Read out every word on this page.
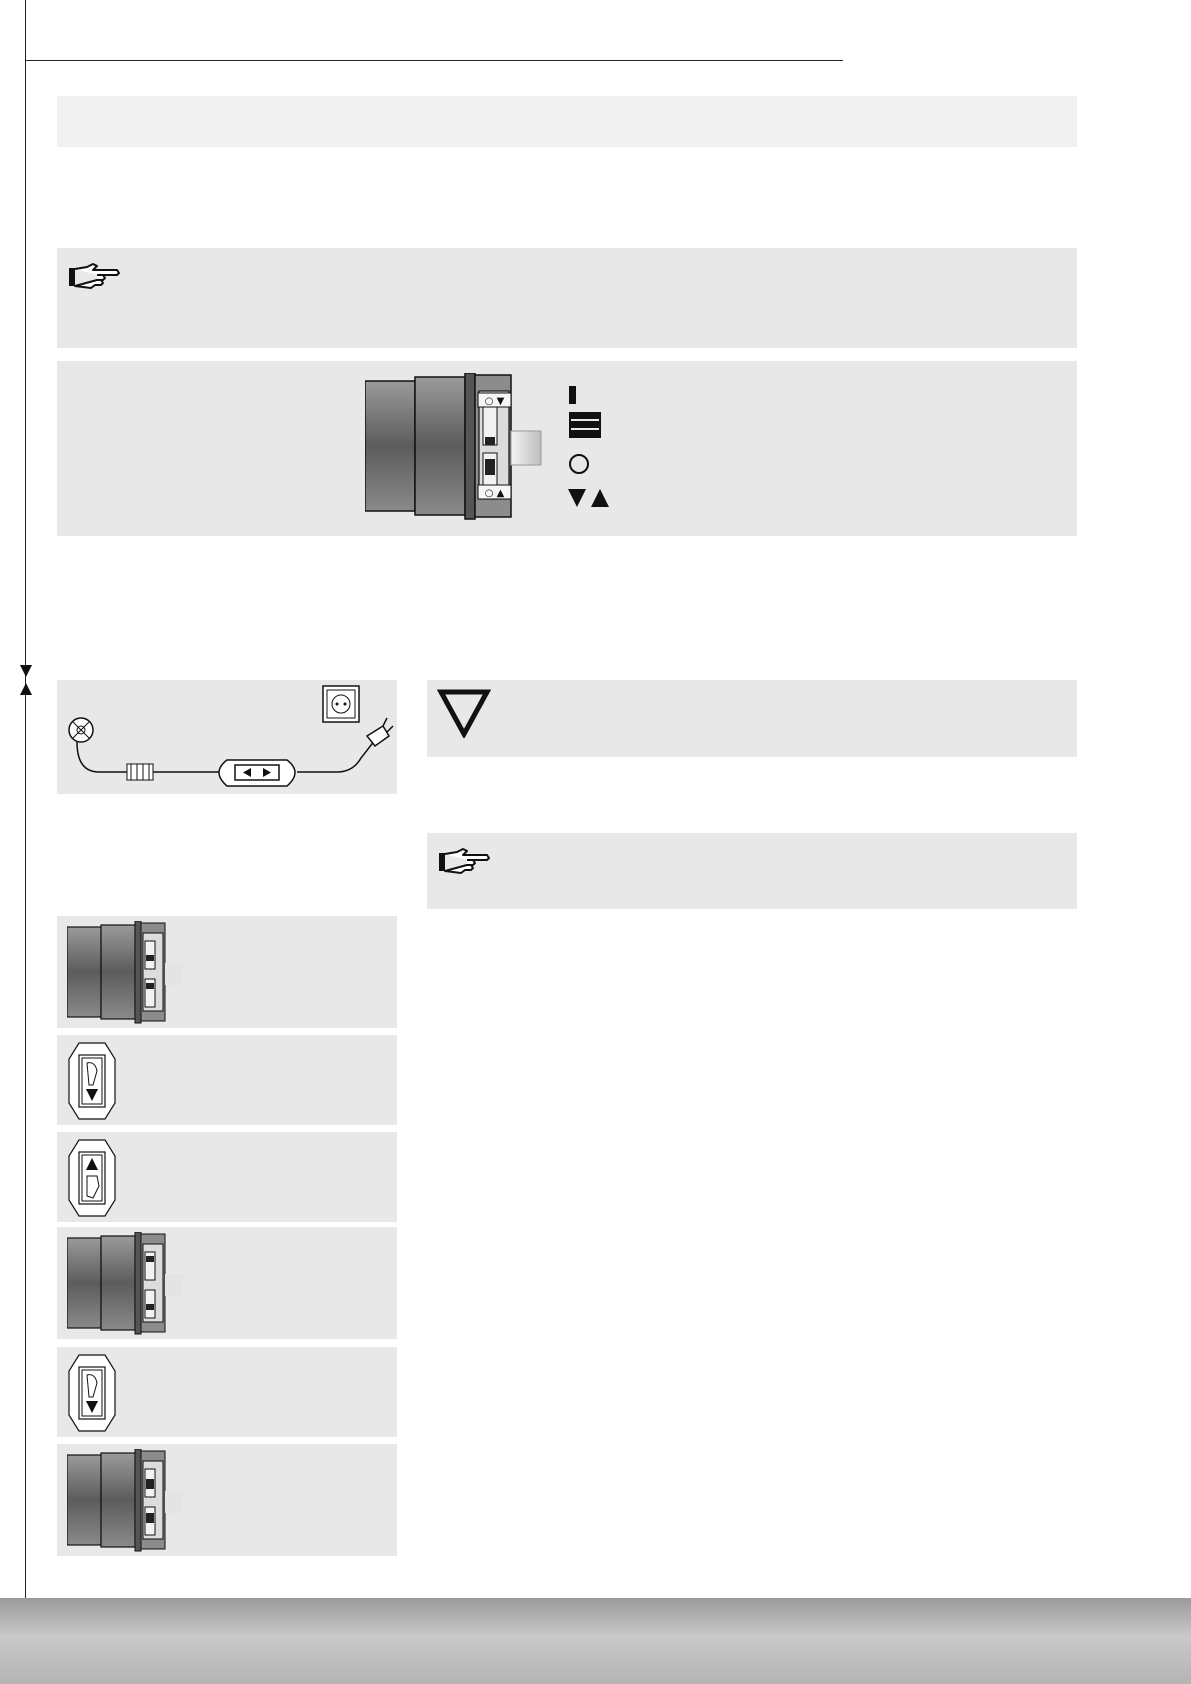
○ ▼
○ ▲
